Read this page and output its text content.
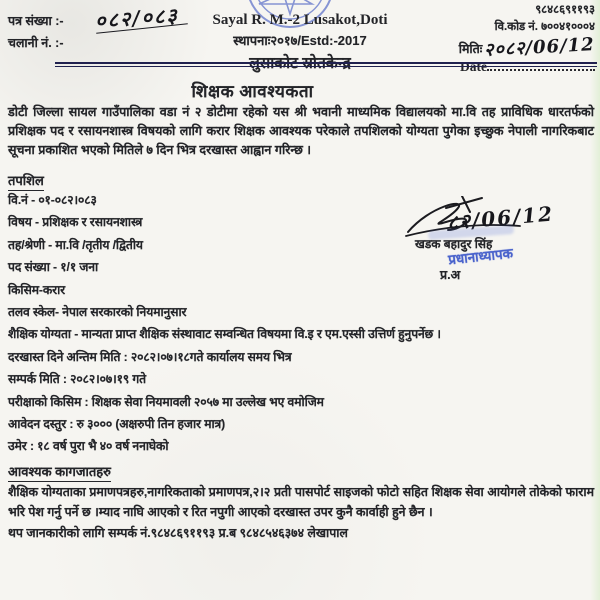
पत्र संख्या :-
चलानी नं. :-
०८२/०८३	Sayal R. M.-2 Lusakot,Doti
स्थापनाः२०१७/Estd:-2017
लुसाकोट स्रोतकेन्द्र
९८४८६९११९३
वि.कोड नं. ७००४१०००४
मितिः२०८२/06/12
Date
शिक्षक आवश्यकता
डोटी जिल्ला सायल गाउँपालिका वडा नं २ डोटीमा रहेको यस श्री भवानी माध्यमिक विद्यालयको मा.वि तह प्राविधिक धारतर्फको प्रशिक्षक पद र रसायनशास्त्र विषयको लागि करार शिक्षक आवश्यक परेकाले तपशिलको योग्यता पुगेका इच्छुक नेपाली नागरिकबाट सूचना प्रकाशित भएको मितिले ७ दिन भित्र दरखास्त आह्वान गरिन्छ ।
तपशिल
वि.नं - ०१-०८२।०८३
विषय - प्रशिक्षक र रसायनशास्त्र
तह/श्रेणी - मा.वि /तृतीय /द्वितीय
पद संख्या - १/१ जना
किसिम-करार
तलव स्केल- नेपाल सरकारको नियमानुसार
शैक्षिक योग्यता - मान्यता प्राप्त शैक्षिक संस्थावाट सम्वन्धित विषयमा वि.इ र एम.एस्सी उत्तिर्ण हुनुपर्नेछ ।
दरखास्त दिने अन्तिम मिति : २०८२।०७।१८गते कार्यालय समय भित्र
सम्पर्क मिति : २०८२।०७।१९ गते
परीक्षाको किसिम : शिक्षक सेवा नियमावली २०५७ मा उल्लेख भए वमोजिम
आवेदन दस्तुर : रु ३००० (अक्षरुपी तिन हजार मात्र)
उमेर : १८ वर्ष पुरा भै ४० वर्ष ननाघेको
८२/06/12
खडक बहादुर सिंह
प्रधानाध्यापक
प्र.अ
आवश्यक कागजातहरु
शैक्षिक योग्यताका प्रमाणपत्रहरु,नागरिकताको प्रमाणपत्र,२।२ प्रती पासपोर्ट साइजको फोटो सहित शिक्षक सेवा आयोगले तोकेको फाराम भरि पेश गर्नु पर्ने छ ।म्याद नाघि आएको र रित नपुगी आएको दरखास्त उपर कुनै कार्वाही हुने छैन ।
थप जानकारीको लागि सम्पर्क नं.९८४८६९११९३ प्र.ब ९८४८५४६३७४ लेखापाल
